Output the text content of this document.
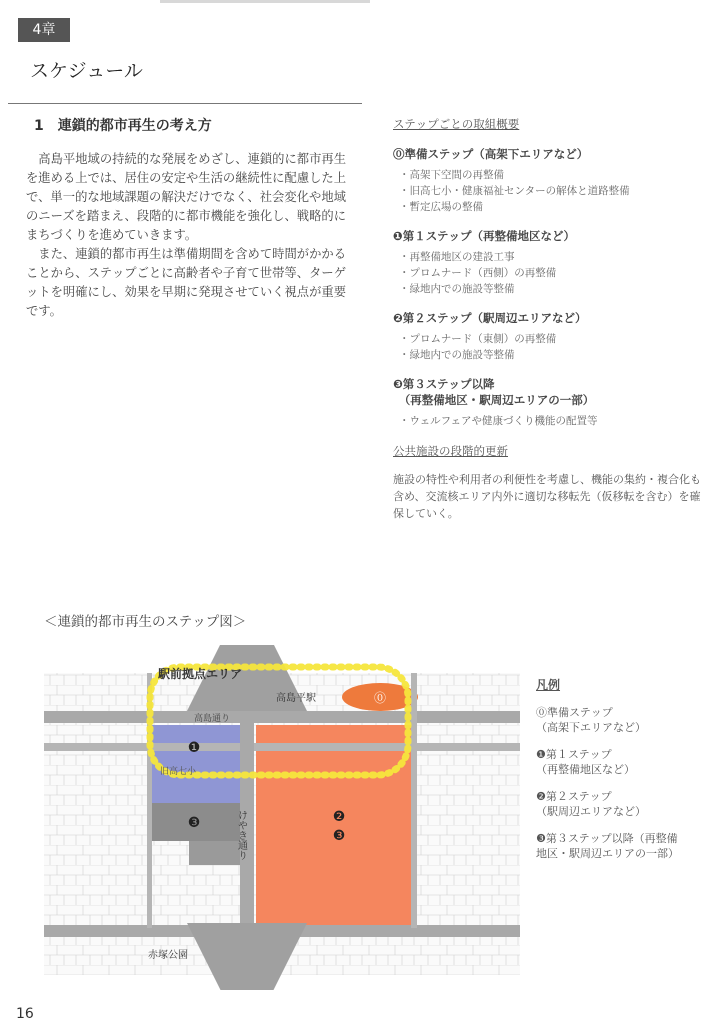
4章
スケジュール
1　連鎖的都市再生の考え方

高島平地域の持続的な発展をめざし、連鎖的に都市再生を進める上では、居住の安定や生活の継続性に配慮した上で、単一的な地域課題の解決だけでなく、社会変化や地域のニーズを踏まえ、段階的に都市機能を強化し、戦略的にまちづくりを進めていきます。

また、連鎖的都市再生は準備期間を含めて時間がかかることから、ステップごとに高齢者や子育て世帯等、ターゲットを明確にし、効果を早期に発現させていく視点が重要です。

ステップごとの取組概要
⓪準備ステップ（高架下エリアなど）
・ 高架下空間の再整備
・ 旧高七小・健康福祉センターの解体と道路整備
・ 暫定広場の整備
❶第１ステップ（再整備地区など）
・ 再整備地区の建設工事
・ プロムナード（西側）の再整備
・ 緑地内での施設等整備
❷第２ステップ（駅周辺エリアなど）
・ プロムナード（東側）の再整備
・ 緑地内での施設等整備
❸第３ステップ以降
　（再整備地区・駅周辺エリアの一部）
・ ウェルフェアや健康づくり機能の配置等
公共施設の段階的更新
施設の特性や利用者の利便性を考慮し、機能の集約・複合化も含め、交流核エリア内外に適切な移転先（仮移転を含む）を確保していく。
＜連鎖的都市再生のステップ図＞
駅前拠点エリア
高島平駅
高島通り
旧高七小
けやき通り
赤塚公園
⓪
❶
❷
❸
❸
凡例
⓪準備ステップ
（高架下エリアなど）
❶第１ステップ
（再整備地区など）
❷第２ステップ
（駅周辺エリアなど）
❸第３ステップ以降（再整備
地区・駅周辺エリアの一部）
16
